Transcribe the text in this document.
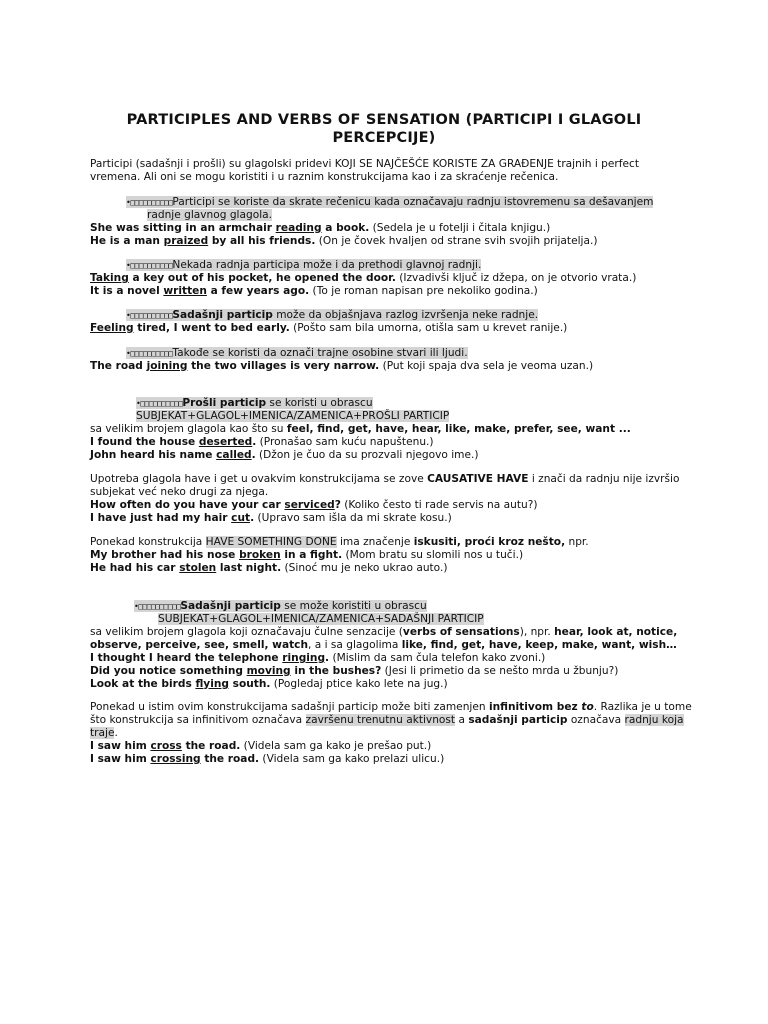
PARTICIPLES AND VERBS OF SENSATION (PARTICIPI I GLAGOLI
PERCEPCIJE)
Participi (sadašnji i prošli) su glagolski pridevi KOJI SE NAJČEŠĆE KORISTE ZA GRAĐENJE trajnih i perfect
vremena. Ali oni se mogu koristiti i u raznim konstrukcijama kao i za skraćenje rečenica.
•□□□□□□□□□□Participi se koriste da skrate rečenicu kada označavaju radnju istovremenu sa dešavanjem
radnje glavnog glagola.
She was sitting in an armchair reading a book. (Sedela je u fotelji i čitala knjigu.)
He is a man praized by all his friends. (On je čovek hvaljen od strane svih svojih prijatelja.)
•□□□□□□□□□□Nekada radnja participa može i da prethodi glavnoj radnji.
Taking a key out of his pocket, he opened the door. (Izvadivši ključ iz džepa, on je otvorio vrata.)
It is a novel written a few years ago. (To je roman napisan pre nekoliko godina.)
•□□□□□□□□□□Sadašnji particip može da objašnjava razlog izvršenja neke radnje.
Feeling tired, I went to bed early. (Pošto sam bila umorna, otišla sam u krevet ranije.)
•□□□□□□□□□□Takođe se koristi da označi trajne osobine stvari ili ljudi.
The road joining the two villages is very narrow. (Put koji spaja dva sela je veoma uzan.)
•□□□□□□□□□□Prošli particip se koristi u obrascu
SUBJEKAT+GLAGOL+IMENICA/ZAMENICA+PROŠLI PARTICIP
sa velikim brojem glagola kao što su feel, find, get, have, hear, like, make, prefer, see, want ...
I found the house deserted. (Pronašao sam kuću napuštenu.)
John heard his name called. (Džon je čuo da su prozvali njegovo ime.)
Upotreba glagola have i get u ovakvim konstrukcijama se zove CAUSATIVE HAVE i znači da radnju nije izvršio
subjekat već neko drugi za njega.
How often do you have your car serviced? (Koliko često ti rade servis na autu?)
I have just had my hair cut. (Upravo sam išla da mi skrate kosu.)
Ponekad konstrukcija HAVE SOMETHING DONE ima značenje iskusiti, proći kroz nešto, npr.
My brother had his nose broken in a fight. (Mom bratu su slomili nos u tuči.)
He had his car stolen last night. (Sinoć mu je neko ukrao auto.)
•□□□□□□□□□□Sadašnji particip se može koristiti u obrascu
SUBJEKAT+GLAGOL+IMENICA/ZAMENICA+SADAŠNJI PARTICIP
sa velikim brojem glagola koji označavaju čulne senzacije (verbs of sensations), npr. hear, look at, notice,
observe, perceive, see, smell, watch, a i sa glagolima like, find, get, have, keep, make, want, wish…
I thought I heard the telephone ringing. (Mislim da sam čula telefon kako zvoni.)
Did you notice something moving in the bushes? (Jesi li primetio da se nešto mrda u žbunju?)
Look at the birds flying south. (Pogledaj ptice kako lete na jug.)
Ponekad u istim ovim konstrukcijama sadašnji particip može biti zamenjen infinitivom bez to. Razlika je u tome
što konstrukcija sa infinitivom označava završenu trenutnu aktivnost a sadašnji particip označava radnju koja
traje.
I saw him cross the road. (Videla sam ga kako je prešao put.)
I saw him crossing the road. (Videla sam ga kako prelazi ulicu.)
